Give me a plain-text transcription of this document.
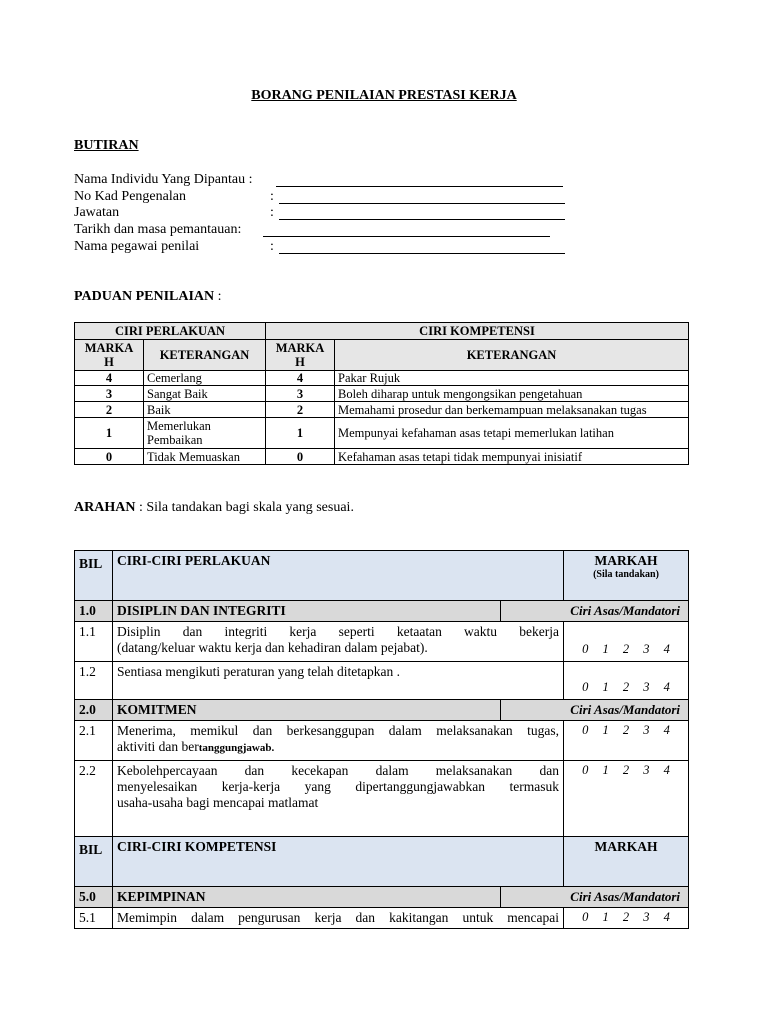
BORANG PENILAIAN PRESTASI KERJA
BUTIRAN
Nama Individu Yang Dipantau :
No Kad Pengenalan	:
Jawatan	:
Tarikh dan masa pemantauan:
Nama pegawai penilai	:
PADUAN PENILAIAN :
CIRI PERLAKUAN		CIRI KOMPETENSI	
MARKAH	KETERANGAN	MARKAH	KETERANGAN
4	Cemerlang	4	Pakar Rujuk
3	Sangat Baik	3	Boleh diharap untuk mengongsikan pengetahuan
2	Baik	2	Memahami prosedur dan berkemampuan melaksanakan tugas
1	Memerlukan Pembaikan	1	Mempunyai kefahaman asas tetapi memerlukan latihan
0	Tidak Memuaskan	0	Kefahaman asas tetapi tidak mempunyai inisiatif
ARAHAN : Sila tandakan bagi skala yang sesuai.
BIL	CIRI-CIRI PERLAKUAN		MARKAH
(Sila tandakan)

1.0	DISIPLIN DAN INTEGRITI	Ciri Asas/Mandatori	
1.1	Disiplin dan integriti kerja seperti ketaatan waktu bekerja
(datang/keluar waktu kerja dan kehadiran dalam pejabat).		0 1 2 3 4
1.2	Sentiasa mengikuti peraturan yang telah ditetapkan .		0 1 2 3 4
2.0	KOMITMEN	Ciri Asas/Mandatori	
2.1	Menerima, memikul dan berkesanggupan dalam melaksanakan tugas,
aktiviti dan bertanggungjawab.		0 1 2 3 4
2.2	Kebolehpercayaan dan kecekapan dalam melaksanakan dan
menyelesaikan kerja-kerja yang dipertanggungjawabkan termasuk
usaha-usaha bagi mencapai matlamat		0 1 2 3 4
BIL	CIRI-CIRI KOMPETENSI		MARKAH
5.0	KEPIMPINAN	Ciri Asas/Mandatori	
5.1	Memimpin dalam pengurusan kerja dan kakitangan untuk mencapai		0 1 2 3 4
